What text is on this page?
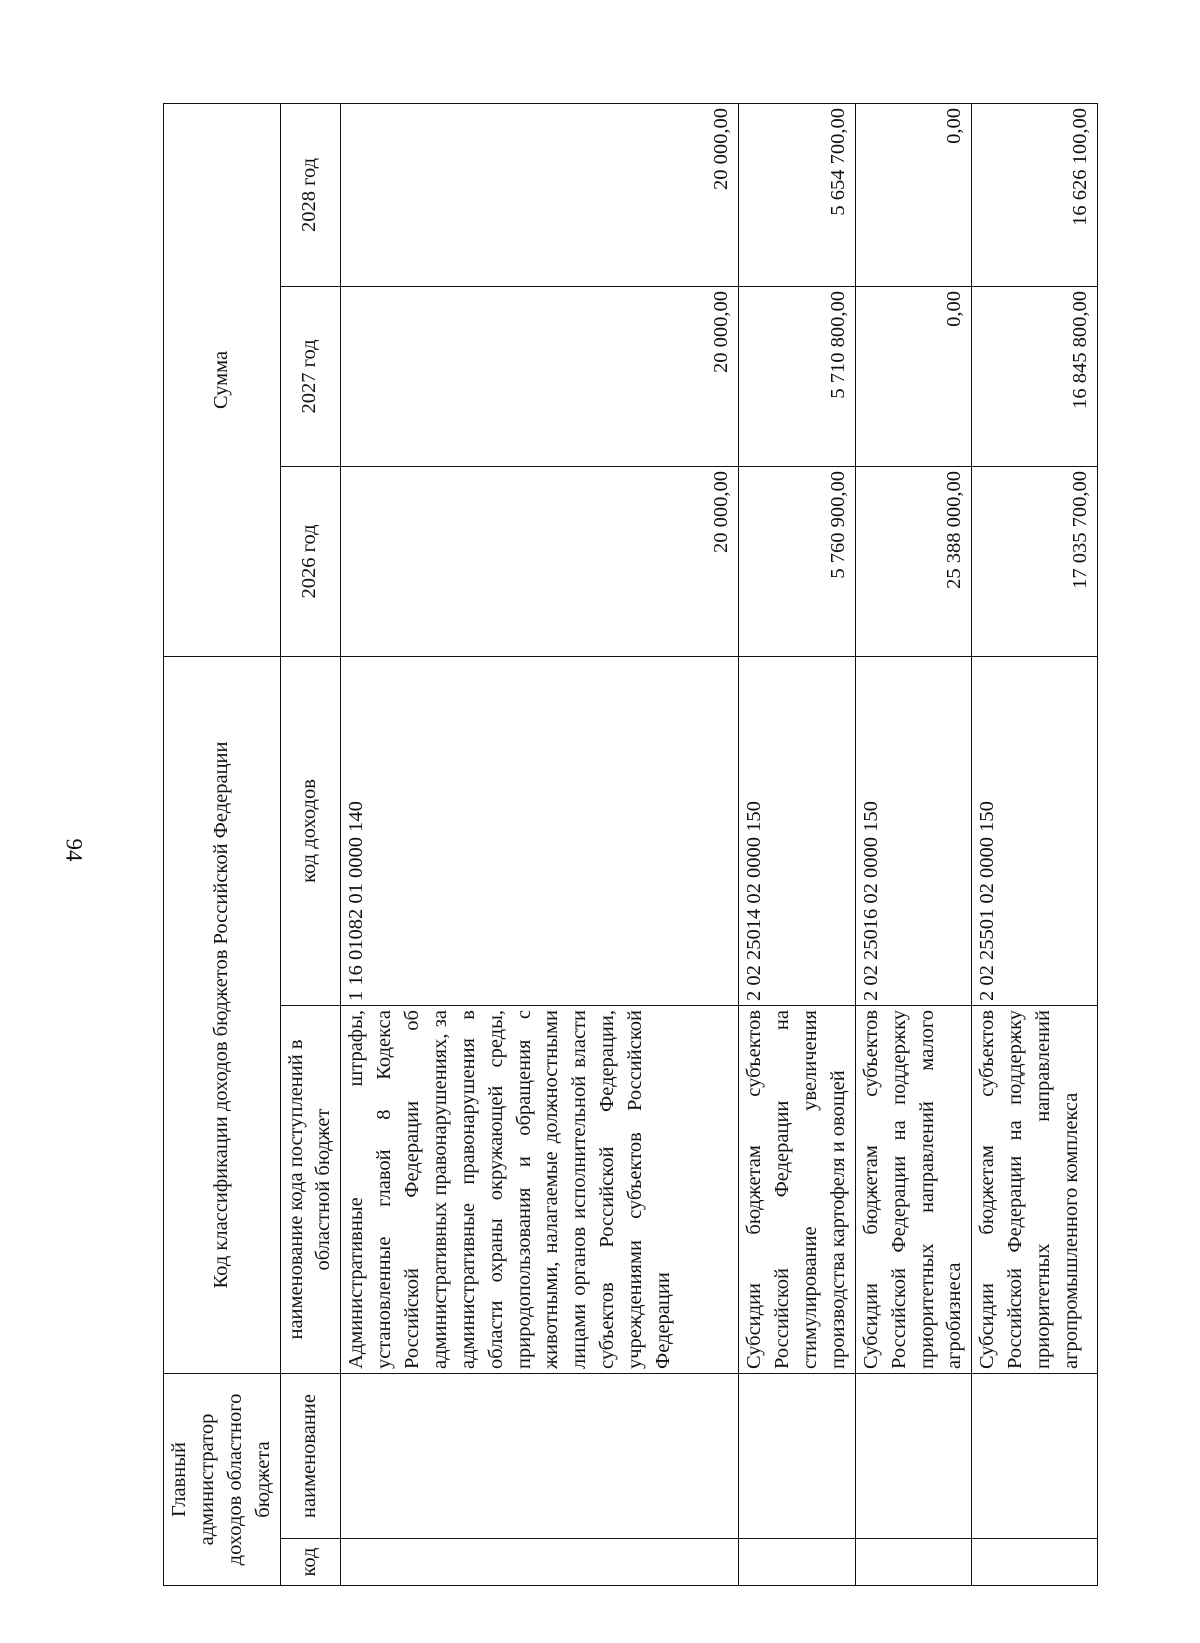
94
Главный администратор доходов областного бюджета		Код классификации доходов бюджетов Российской Федерации		Сумма		
код	наименование	наименование кода поступлений в областной бюджет	код доходов	2026 год	2027 год	2028 год
		Административные штрафы, установленные главой 8 Кодекса Российской Федерации об административных правонарушениях, за административные правонарушения в области охраны окружающей среды, природопользования и обращения с животными, налагаемые должностными лицами органов исполнительной власти субъектов Российской Федерации, учреждениями субъектов Российской Федерации	1 16 01082 01 0000 140	20 000,00	20 000,00	20 000,00
		Субсидии бюджетам субъектов Российской Федерации на стимулирование увеличения производства картофеля и овощей	2 02 25014 02 0000 150	5 760 900,00	5 710 800,00	5 654 700,00
		Субсидии бюджетам субъектов Российской Федерации на поддержку приоритетных направлений малого агробизнеса	2 02 25016 02 0000 150	25 388 000,00	0,00	0,00
		Субсидии бюджетам субъектов Российской Федерации на поддержку приоритетных направлений агропромышленного комплекса	2 02 25501 02 0000 150	17 035 700,00	16 845 800,00	16 626 100,00
